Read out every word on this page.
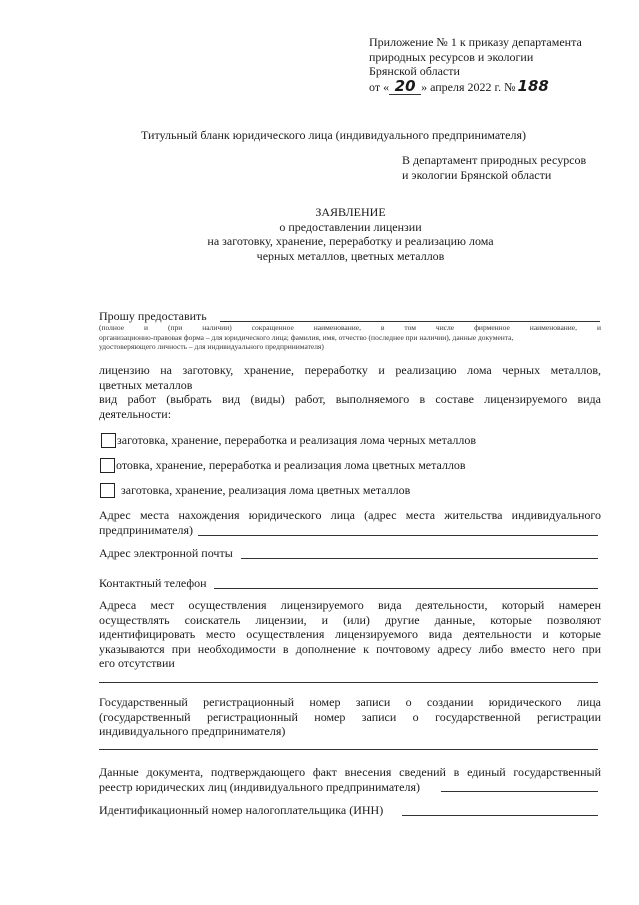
Приложение № 1 к приказу департамента
природных ресурсов и экологии
Брянской области
от « 20 » апреля 2022 г. № 188
Титульный бланк юридического лица (индивидуального предпринимателя)
В департамент природных ресурсов
и экологии Брянской области
ЗАЯВЛЕНИЕ
о предоставлении лицензии
на заготовку, хранение, переработку и реализацию лома
черных металлов, цветных металлов
Прошу предоставить
(полное и (при наличии) сокращенное наименование, в том числе фирменное наименование, и
организационно-правовая форма – для юридического лица; фамилия, имя, отчество (последнее при наличии), данные документа,
удостоверяющего личность – для индивидуального предпринимателя)
лицензию на заготовку, хранение, переработку и реализацию лома черных металлов,
цветных металлов
вид работ (выбрать вид (виды) работ, выполняемого в составе лицензируемого вида
деятельности:
заготовка, хранение, переработка и реализация лома черных металлов
отовка, хранение, переработка и реализация лома цветных металлов
заготовка, хранение, реализация лома цветных металлов
Адрес места нахождения юридического лица (адрес места жительства индивидуального
предпринимателя)
Адрес электронной почты
Контактный телефон
Адреса мест осуществления лицензируемого вида деятельности, который намерен
осуществлять соискатель лицензии, и (или) другие данные, которые позволяют
идентифицировать место осуществления лицензируемого вида деятельности и которые
указываются при необходимости в дополнение к почтовому адресу либо вместо него при
его отсутствии
Государственный регистрационный номер записи о создании юридического лица
(государственный регистрационный номер записи о государственной регистрации
индивидуального предпринимателя)
Данные документа, подтверждающего факт внесения сведений в единый государственный
реестр юридических лиц (индивидуального предпринимателя)
Идентификационный номер налогоплательщика (ИНН)
